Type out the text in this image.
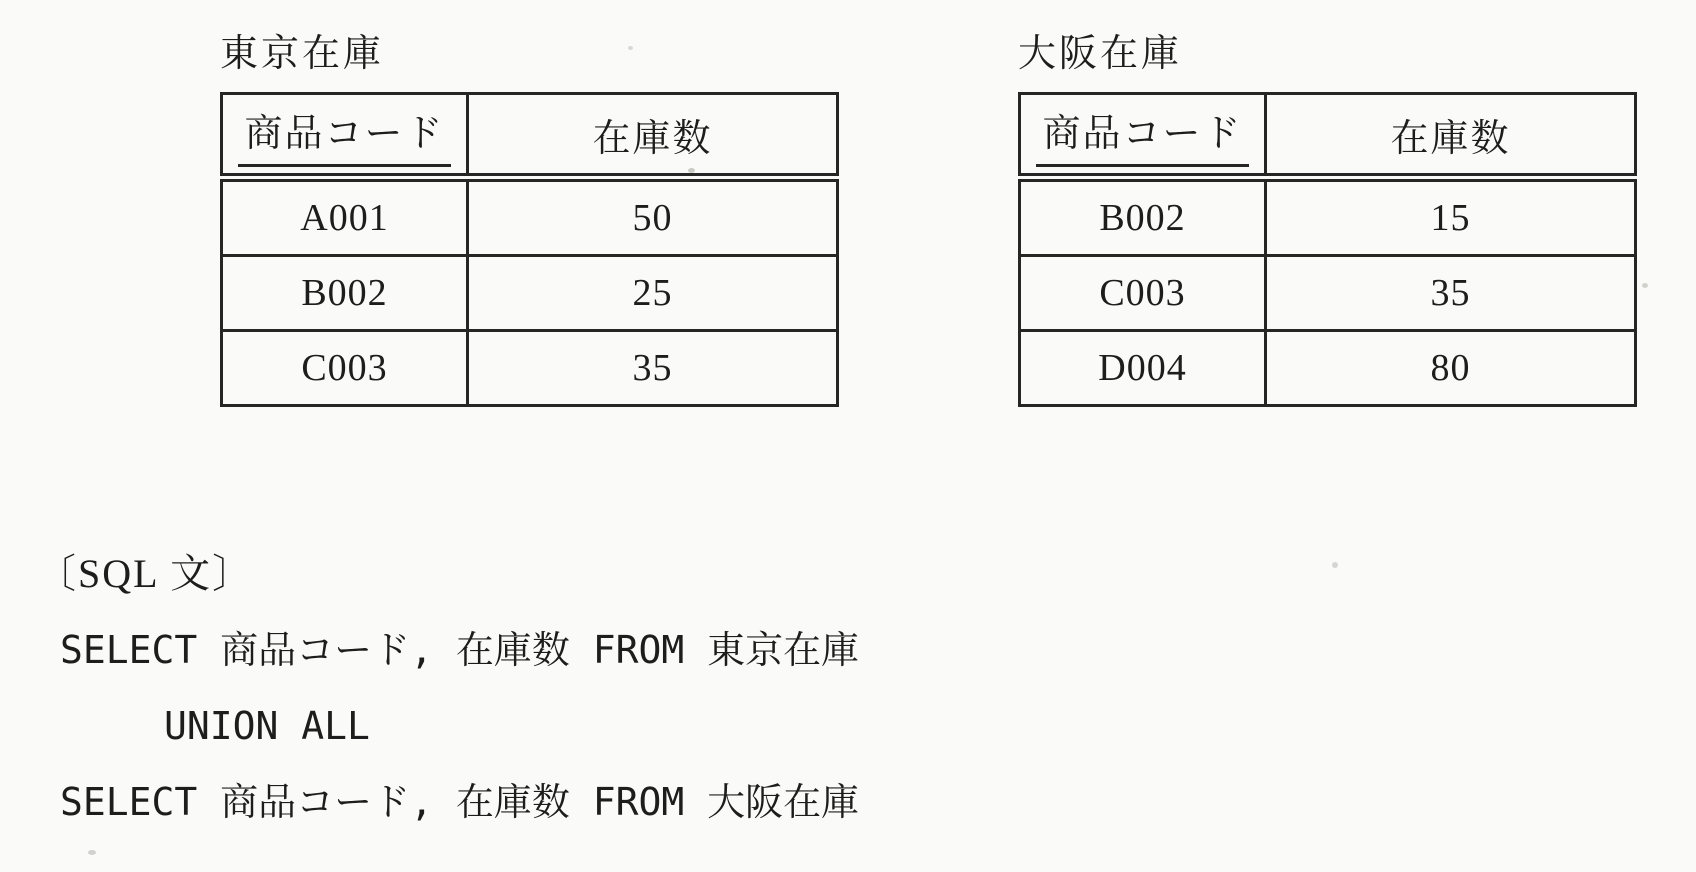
東京在庫
商品コード	在庫数
A001	50
B002	25
C003	35
大阪在庫
商品コード	在庫数
B002	15
C003	35
D004	80
〔SQL 文〕
SELECT 商品コード, 在庫数 FROM 東京在庫
UNION ALL
SELECT 商品コード, 在庫数 FROM 大阪在庫
